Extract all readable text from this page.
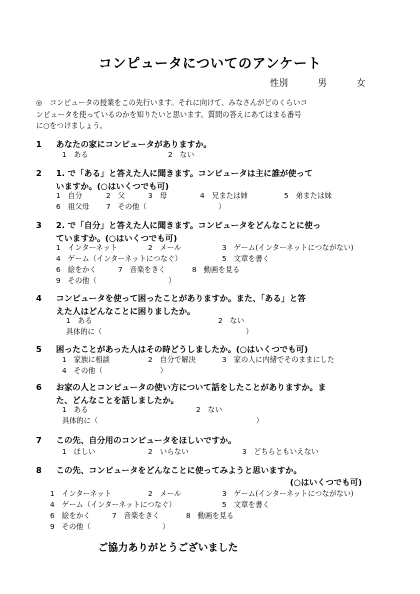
コンピュータについてのアンケート
性別	男	女
◎　コンピュータの授業をこの先行います。それに向けて、みなさんがどのくらいコ
ンピュータを使っているのかを知りたいと思います。質問の答えにあてはまる番号
に○をつけましょう。
1 あなたの家にコンピュータがありますか。
1　ある	2　ない
2 1. で「ある」と答えた人に聞きます。コンピュータは主に誰が使って
いますか。(○はいくつでも可)
1　自分	2　父	3　母	4　兄または姉	5　弟または妹
6　祖父母 7　その他（　　　　　　　　　　）
3 2. で「自分」と答えた人に聞きます。コンピュータをどんなことに使っ
ていますか。(○はいくつでも可)
1　インターネット	2　メール	3　ゲーム(インターネットにつながない)
4　ゲーム（インターネットにつなぐ）	5　文章を書く
6　絵をかく	7　音楽をきく	8　動画を見る
9　その他（　　　　　　　　　　）
4 コンピュータを使って困ったことがありますか。また、「ある」と答
えた人はどんなことに困りましたか。
1　ある	2　ない
具体的に（　　　　　　　　　　　　　　　　　　　　）
5 困ったことがあった人はその時どうしましたか。(○はいくつでも可)
1　家族に相談	2　自分で解決	3　家の人に内緒でそのままにした
4　その他（　　　　　　　　）
6 お家の人とコンピュータの使い方について話をしたことがありますか。ま
た、どんなことを話しましたか。
1　ある	2　ない
具体的に（　　　　　　　　　　　　　　　　　　　　　　）
7 この先、自分用のコンピュータをほしいですか。
1　ほしい	2　いらない	3　どちらともいえない
8 この先、コンピュータをどんなことに使ってみようと思いますか。
(○はいくつでも可)
1　インターネット	2　メール	3　ゲーム(インターネットにつながない)
4　ゲーム（インターネットにつなぐ）	5　文章を書く
6　絵をかく	7　音楽をきく	8　動画を見る
9　その他（　　　　　　　　　　）
ご協力ありがとうございました
